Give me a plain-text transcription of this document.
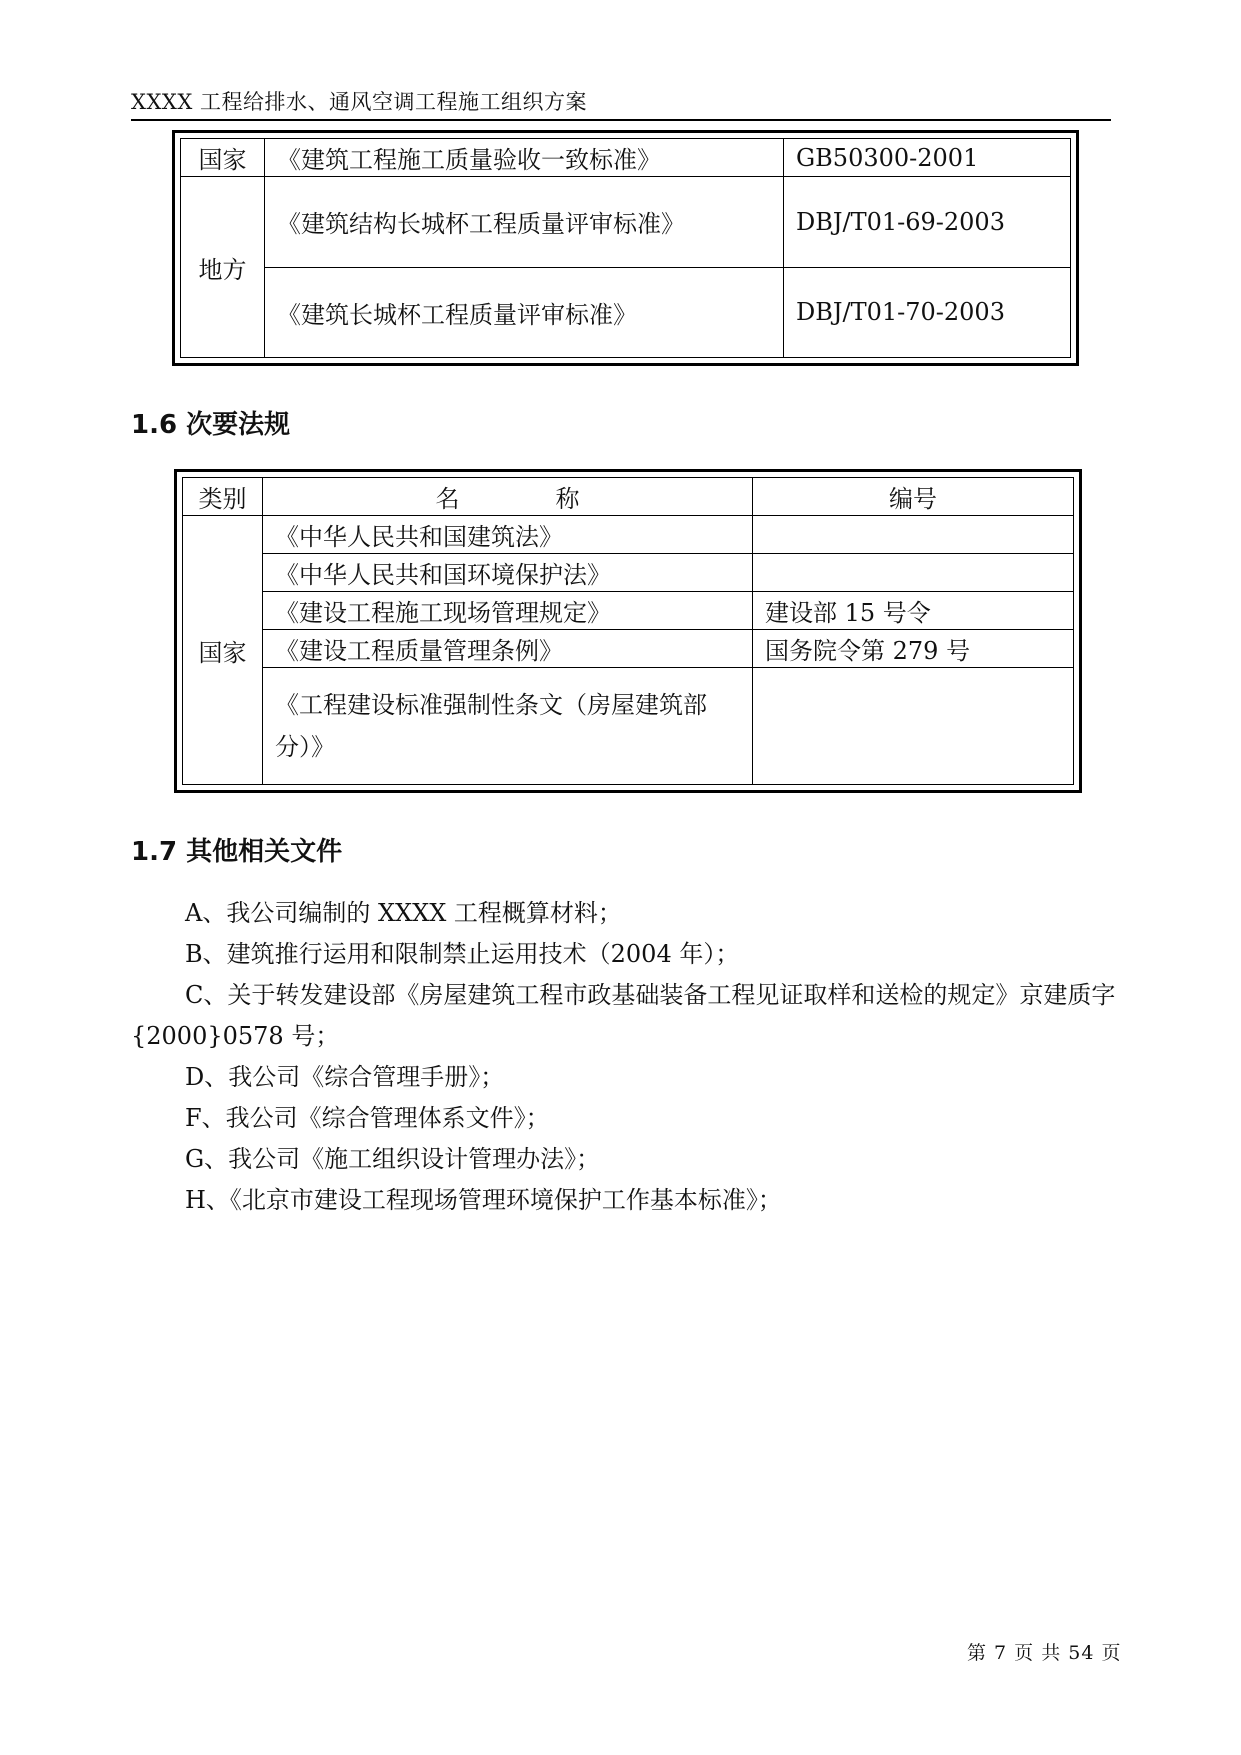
XXXX 工程给排水、通风空调工程施工组织方案
国家	《建筑工程施工质量验收一致标准》	GB50300-2001
地方	《建筑结构长城杯工程质量评审标准》	DBJ/T01-69-2003
	《建筑长城杯工程质量评审标准》	DBJ/T01-70-2003
1.6 次要法规
类别	名　　　　称	编号
国家	《中华人民共和国建筑法》	
	《中华人民共和国环境保护法》	
	《建设工程施工现场管理规定》	建设部 15 号令
	《建设工程质量管理条例》	国务院令第 279 号
	《工程建设标准强制性条文（房屋建筑部分）》	
1.7 其他相关文件

A、我公司编制的 XXXX 工程概算材料；

B、建筑推行运用和限制禁止运用技术（2004 年）；

C、关于转发建设部《房屋建筑工程市政基础装备工程见证取样和送检的规定》京建质字{2000}0578 号；

D、我公司《综合管理手册》；

F、我公司《综合管理体系文件》；

G、我公司《施工组织设计管理办法》；

H、《北京市建设工程现场管理环境保护工作基本标准》；

第 7 页 共 54 页
